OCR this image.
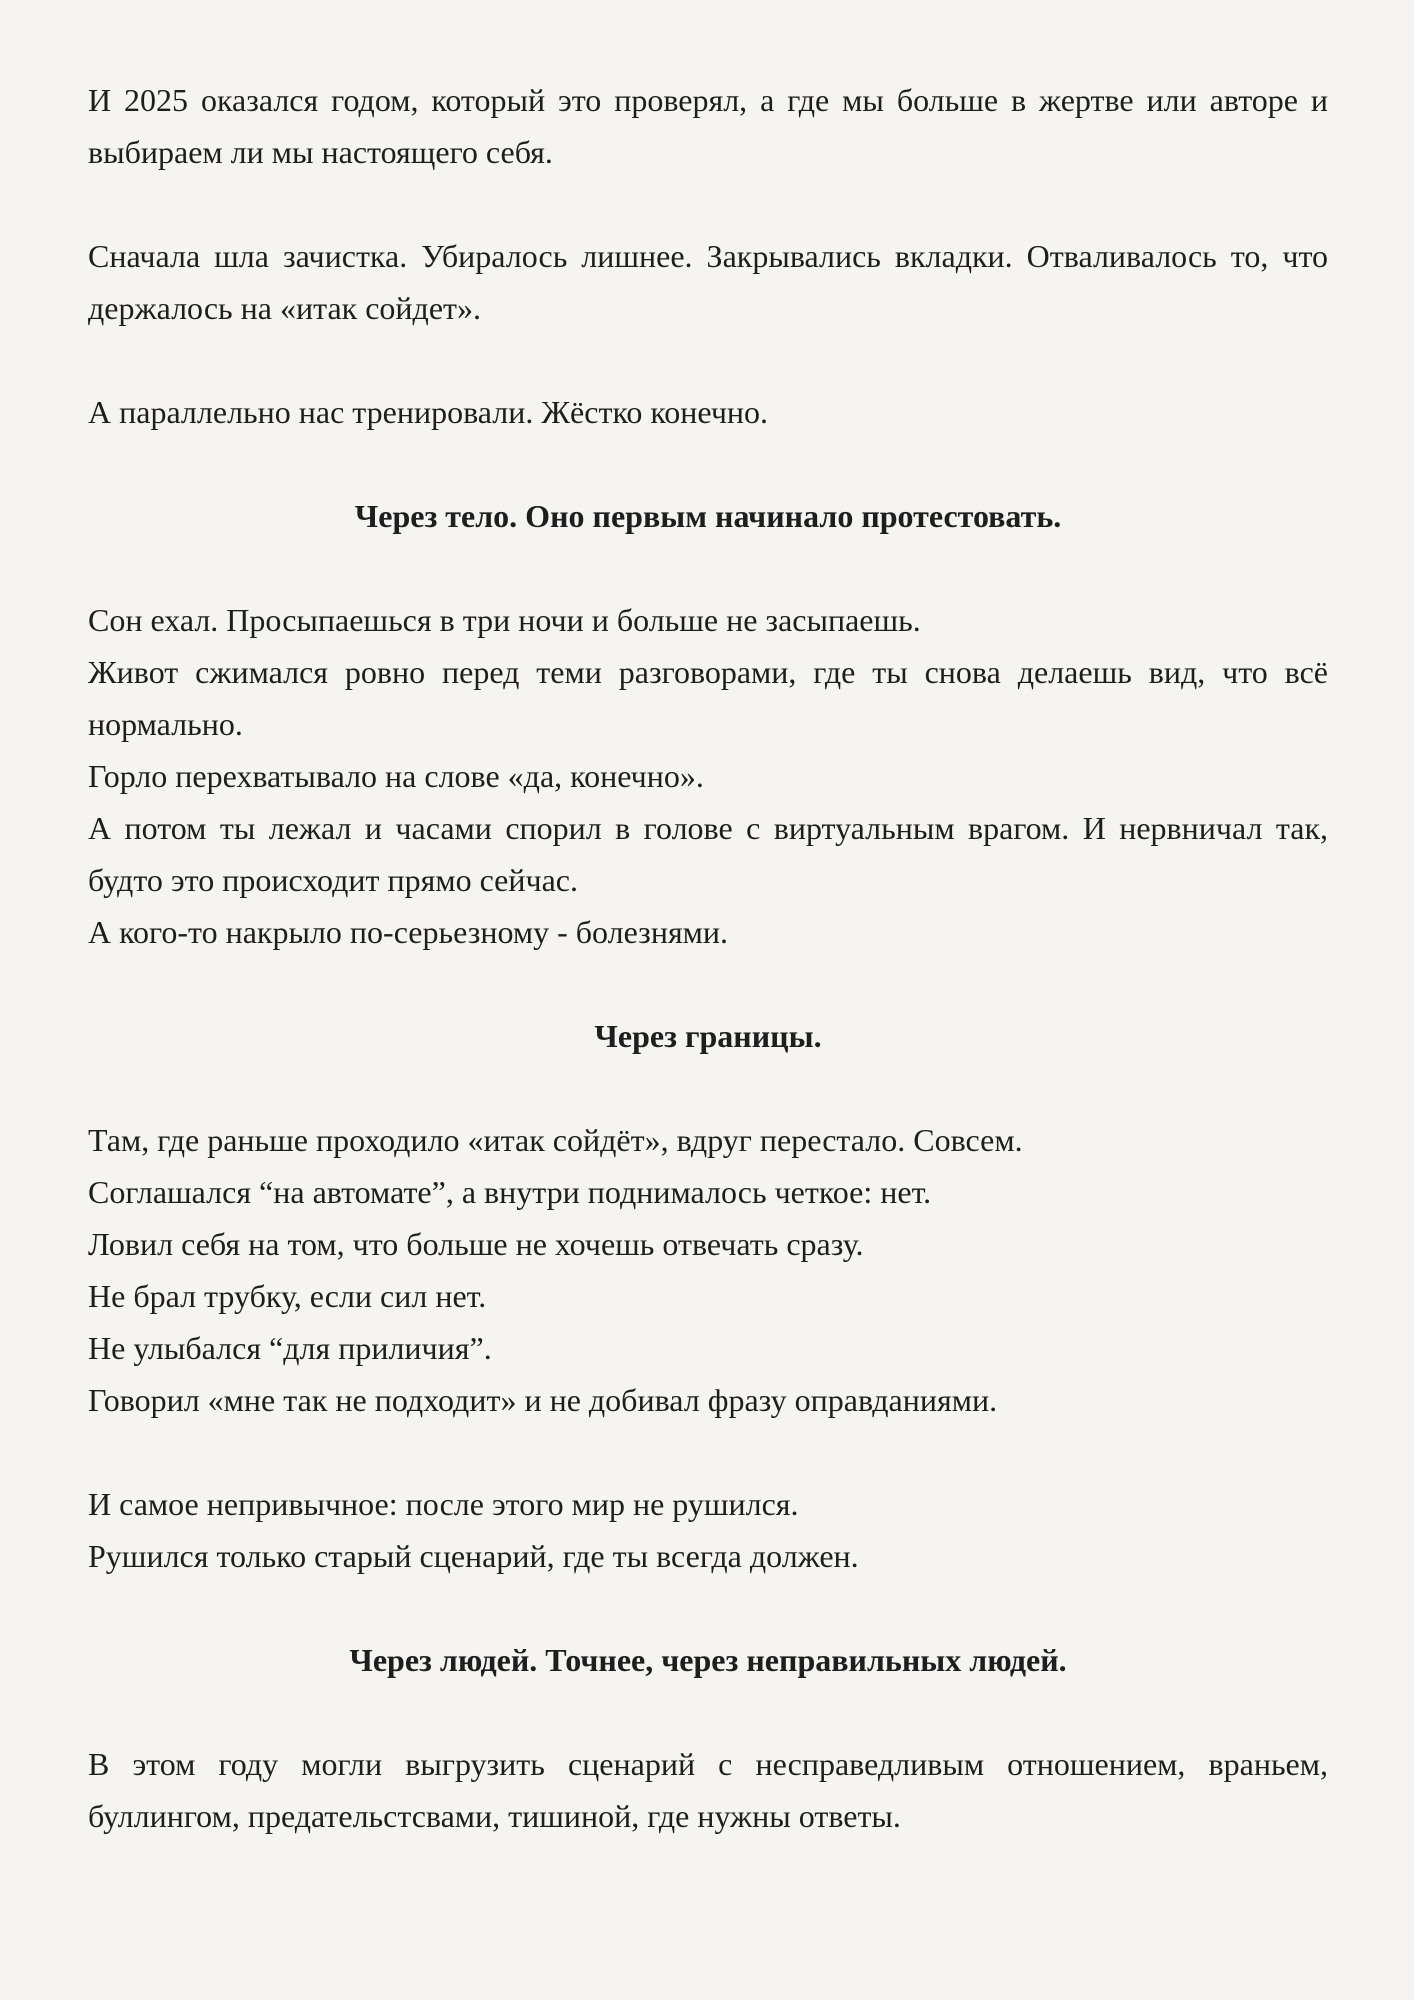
И 2025 оказался годом, который это проверял, а где мы больше в жертве или авторе и выбираем ли мы настоящего себя.

Сначала шла зачистка. Убиралось лишнее. Закрывались вкладки. Отваливалось то, что держалось на «итак сойдет».

А параллельно нас тренировали. Жёстко конечно.

Через тело. Оно первым начинало протестовать.
Сон ехал. Просыпаешься в три ночи и больше не засыпаешь.
Живот сжимался ровно перед теми разговорами, где ты снова делаешь вид, что всё нормально.
Горло перехватывало на слове «да, конечно».
А потом ты лежал и часами спорил в голове с виртуальным врагом. И нервничал так, будто это происходит прямо сейчас.
А кого-то накрыло по-серьезному - болезнями.
Через границы.
Там, где раньше проходило «итак сойдёт», вдруг перестало. Совсем.
Соглашался “на автомате”, а внутри поднималось четкое: нет.
Ловил себя на том, что больше не хочешь отвечать сразу.
Не брал трубку, если сил нет.
Не улыбался “для приличия”.
Говорил «мне так не подходит» и не добивал фразу оправданиями.
И самое непривычное: после этого мир не рушился.
Рушился только старый сценарий, где ты всегда должен.
Через людей. Точнее, через неправильных людей.

В этом году могли выгрузить сценарий с несправедливым отношением, враньем, буллингом, предательстсвами, тишиной, где нужны ответы.
